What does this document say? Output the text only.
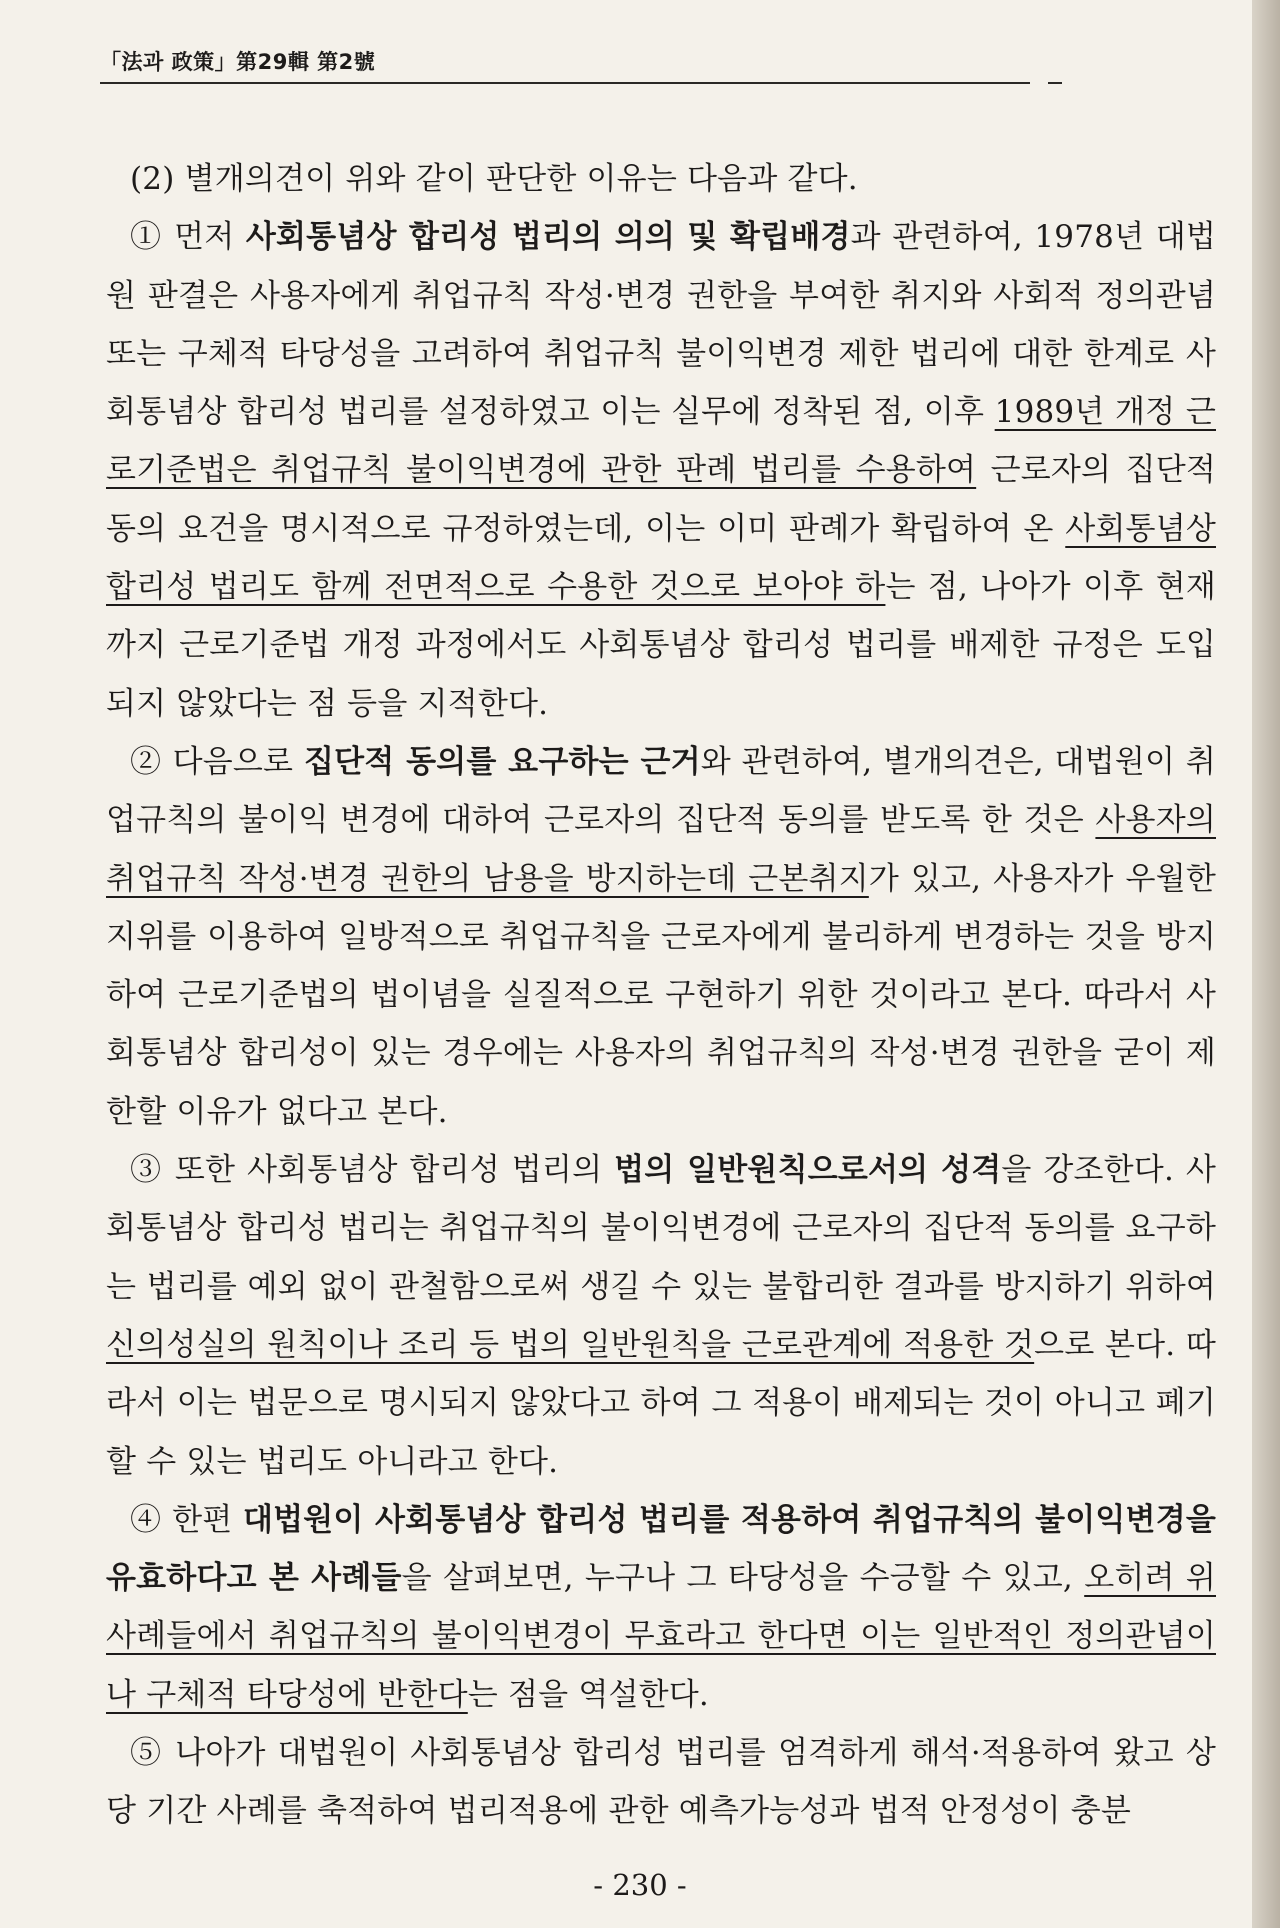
「法과 政策」第29輯 第2號

(2) 별개의견이 위와 같이 판단한 이유는 다음과 같다.

① 먼저 사회통념상 합리성 법리의 의의 및 확립배경과 관련하여, 1978년 대법원 판결은 사용자에게 취업규칙 작성·변경 권한을 부여한 취지와 사회적 정의관념 또는 구체적 타당성을 고려하여 취업규칙 불이익변경 제한 법리에 대한 한계로 사회통념상 합리성 법리를 설정하였고 이는 실무에 정착된 점, 이후 1989년 개정 근로기준법은 취업규칙 불이익변경에 관한 판례 법리를 수용하여 근로자의 집단적 동의 요건을 명시적으로 규정하였는데, 이는 이미 판례가 확립하여 온 사회통념상 합리성 법리도 함께 전면적으로 수용한 것으로 보아야 하는 점, 나아가 이후 현재까지 근로기준법 개정 과정에서도 사회통념상 합리성 법리를 배제한 규정은 도입되지 않았다는 점 등을 지적한다.

② 다음으로 집단적 동의를 요구하는 근거와 관련하여, 별개의견은, 대법원이 취업규칙의 불이익 변경에 대하여 근로자의 집단적 동의를 받도록 한 것은 사용자의 취업규칙 작성·변경 권한의 남용을 방지하는데 근본취지가 있고, 사용자가 우월한 지위를 이용하여 일방적으로 취업규칙을 근로자에게 불리하게 변경하는 것을 방지하여 근로기준법의 법이념을 실질적으로 구현하기 위한 것이라고 본다. 따라서 사회통념상 합리성이 있는 경우에는 사용자의 취업규칙의 작성·변경 권한을 굳이 제한할 이유가 없다고 본다.

③ 또한 사회통념상 합리성 법리의 법의 일반원칙으로서의 성격을 강조한다. 사회통념상 합리성 법리는 취업규칙의 불이익변경에 근로자의 집단적 동의를 요구하는 법리를 예외 없이 관철함으로써 생길 수 있는 불합리한 결과를 방지하기 위하여 신의성실의 원칙이나 조리 등 법의 일반원칙을 근로관계에 적용한 것으로 본다. 따라서 이는 법문으로 명시되지 않았다고 하여 그 적용이 배제되는 것이 아니고 폐기할 수 있는 법리도 아니라고 한다.

④ 한편 대법원이 사회통념상 합리성 법리를 적용하여 취업규칙의 불이익변경을 유효하다고 본 사례들을 살펴보면, 누구나 그 타당성을 수긍할 수 있고, 오히려 위 사례들에서 취업규칙의 불이익변경이 무효라고 한다면 이는 일반적인 정의관념이나 구체적 타당성에 반한다는 점을 역설한다.

⑤ 나아가 대법원이 사회통념상 합리성 법리를 엄격하게 해석·적용하여 왔고 상당 기간 사례를 축적하여 법리적용에 관한 예측가능성과 법적 안정성이 충분

- 230 -
